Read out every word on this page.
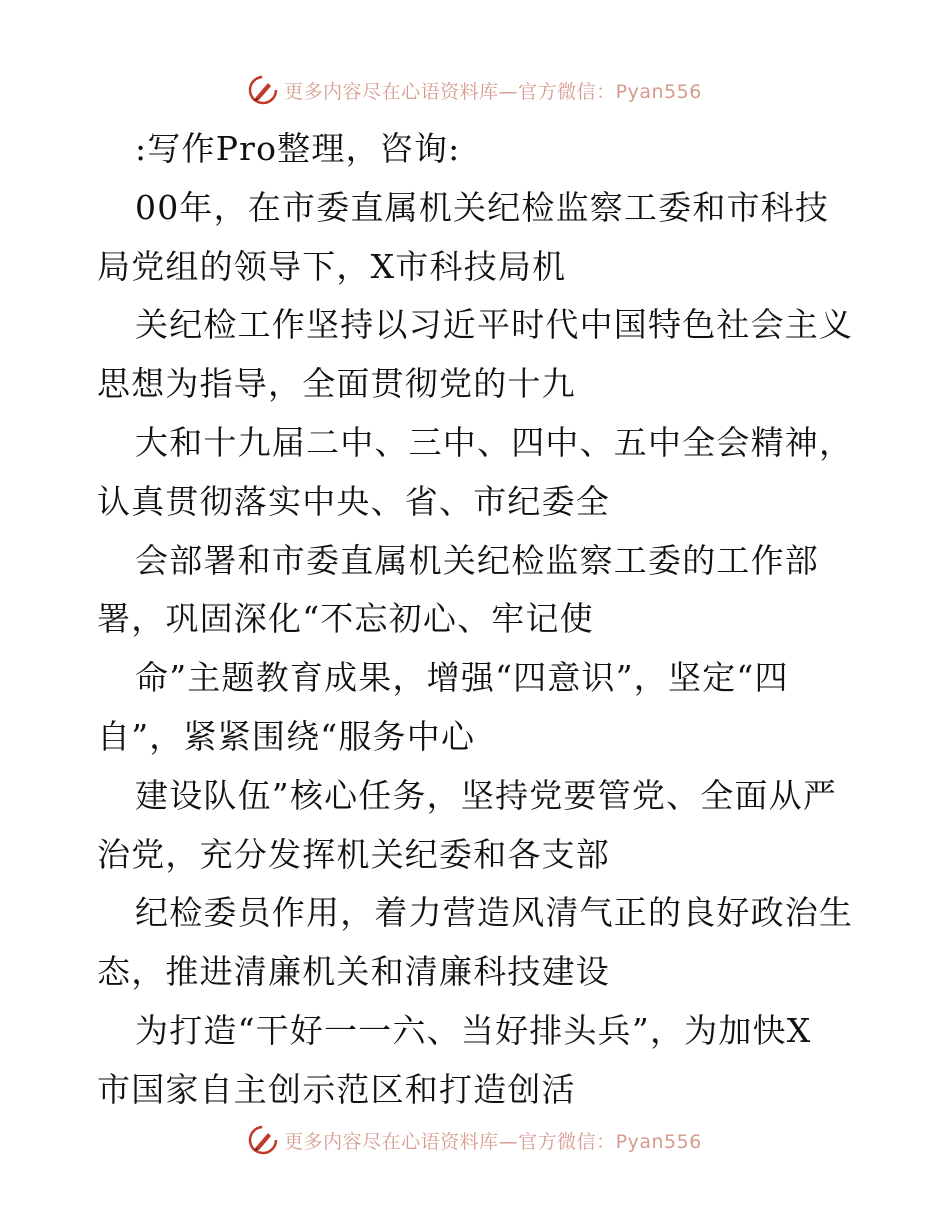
更多内容尽在心语资料库—官方微信：Pyan556
:写作Pro整理，咨询:
00年，在市委直属机关纪检监察工委和市科技
局党组的领导下，X市科技局机
关纪检工作坚持以习近平时代中国特色社会主义
思想为指导，全面贯彻党的十九
大和十九届二中、三中、四中、五中全会精神，
认真贯彻落实中央、省、市纪委全
会部署和市委直属机关纪检监察工委的工作部
署，巩固深化“不忘初心、牢记使
命”主题教育成果，增强“四意识”，坚定“四
自”，紧紧围绕“服务中心
建设队伍”核心任务，坚持党要管党、全面从严
治党，充分发挥机关纪委和各支部
纪检委员作用，着力营造风清气正的良好政治生
态，推进清廉机关和清廉科技建设
为打造“干好一一六、当好排头兵”，为加快X
市国家自主创示范区和打造创活
更多内容尽在心语资料库—官方微信：Pyan556
